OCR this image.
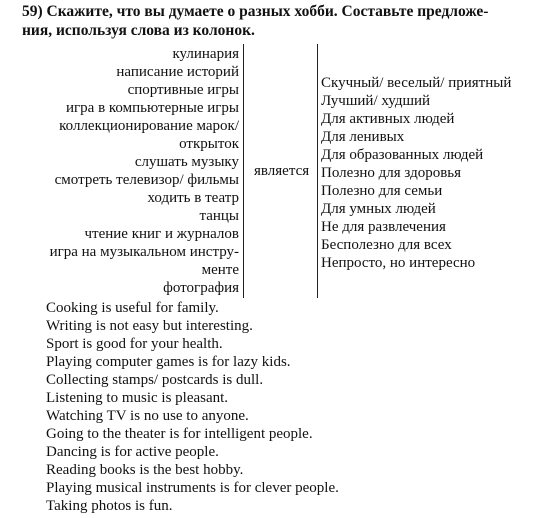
59) Скажите, что вы думаете о разных хобби. Составьте предложе-
ния, используя слова из колонок.
кулинария
написание историй
спортивные игры
игра в компьютерные игры
коллекционирование марок/
открыток
слушать музыку
смотреть телевизор/ фильмы
ходить в театр
танцы
чтение книг и журналов
игра на музыкальном инстру-
менте
фотография
является
Скучный/ веселый/ приятный
Лучший/ худший
Для активных людей
Для ленивых
Для образованных людей
Полезно для здоровья
Полезно для семьи
Для умных людей
Не для развлечения
Бесполезно для всех
Непросто, но интересно
Cooking is useful for family.
Writing is not easy but interesting.
Sport is good for your health.
Playing computer games is for lazy kids.
Collecting stamps/ postcards is dull.
Listening to music is pleasant.
Watching TV is no use to anyone.
Going to the theater is for intelligent people.
Dancing is for active people.
Reading books is the best hobby.
Playing musical instruments is for clever people.
Taking photos is fun.
